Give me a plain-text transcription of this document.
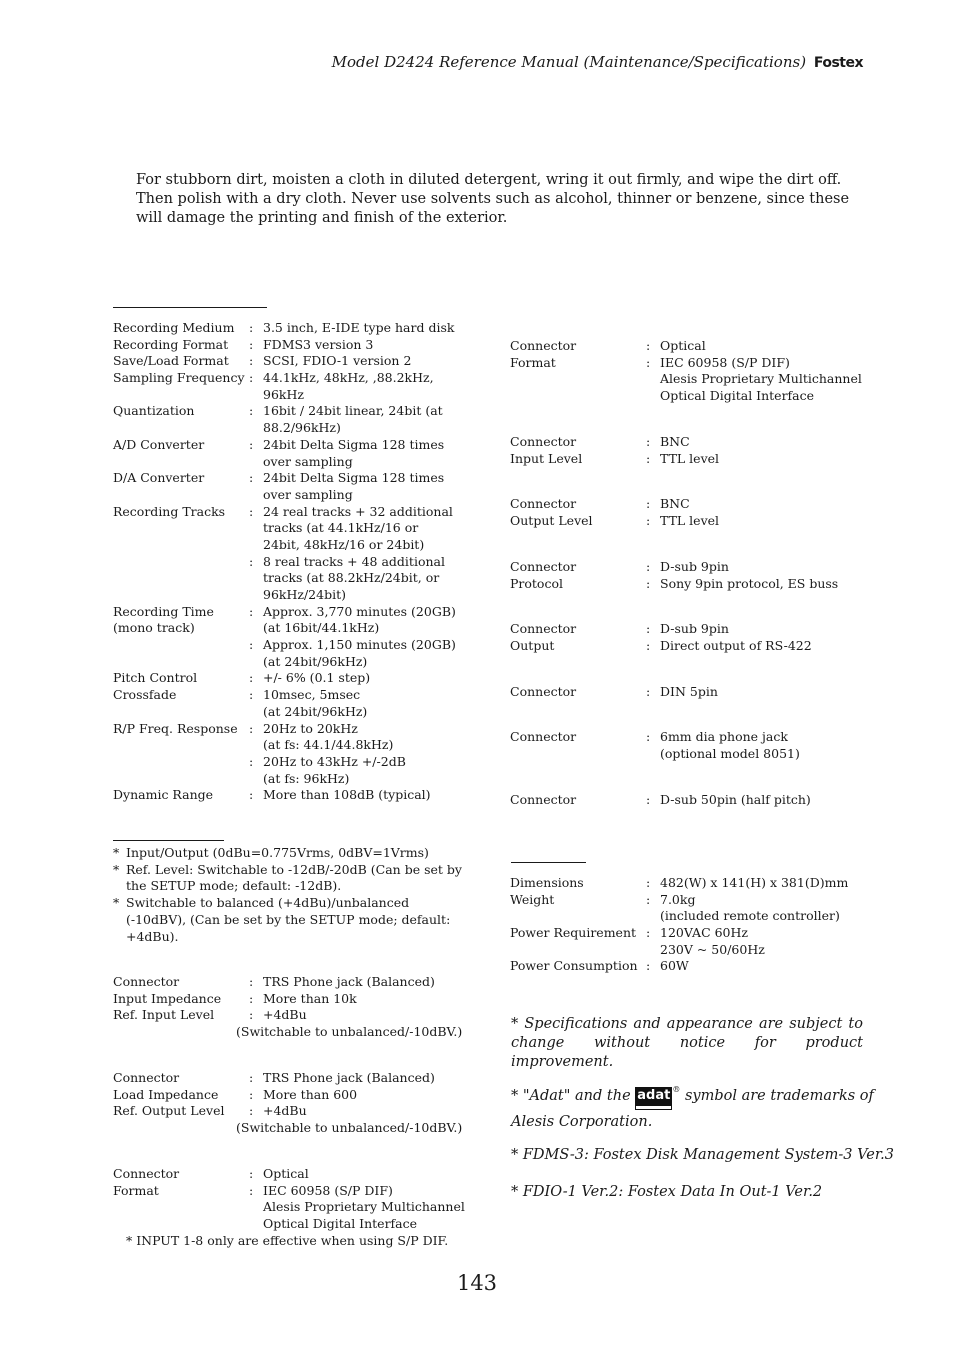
Model D2424 Reference Manual (Maintenance/Specifications) Fostex
For stubborn dirt, moisten a cloth in diluted detergent, wring it out firmly, and wipe the dirt off. Then polish with a dry cloth. Never use solvents such as alcohol, thinner or benzene, since these will damage the printing and finish of the exterior.
Recording Medium : 3.5 inch, E-IDE type hard disk
Recording Format : FDMS3 version 3
Save/Load Format : SCSI, FDIO-1 version 2
Sampling Frequency : 44.1kHz, 48kHz, ,88.2kHz,
96kHz
Quantization	: 16bit / 24bit linear, 24bit (at
88.2/96kHz)
A/D Converter	: 24bit Delta Sigma 128 times
over sampling
D/A Converter	: 24bit Delta Sigma 128 times
over sampling
Recording Tracks : 24 real tracks + 32 additional
tracks (at 44.1kHz/16 or
24bit, 48kHz/16 or 24bit)
: 8 real tracks + 48 additional
tracks (at 88.2kHz/24bit, or
96kHz/24bit)
Recording Time	: Approx. 3,770 minutes (20GB)
(mono track)	(at 16bit/44.1kHz)
: Approx. 1,150 minutes (20GB)
(at 24bit/96kHz)
Pitch Control	: +/- 6% (0.1 step)
Crossfade	: 10msec, 5msec
(at 24bit/96kHz)
R/P Freq. Response : 20Hz to 20kHz
(at fs: 44.1/44.8kHz)
: 20Hz to 43kHz +/-2dB
(at fs: 96kHz)
Dynamic Range	: More than 108dB (typical)
* Input/Output (0dBu=0.775Vrms, 0dBV=1Vrms)
* Ref. Level: Switchable to -12dB/-20dB (Can be set by the SETUP mode; default: -12dB).
* Switchable to balanced (+4dBu)/unbalanced (-10dBV), (Can be set by the SETUP mode; default: +4dBu).
Connector	: TRS Phone jack (Balanced)
Input Impedance : More than 10k
Ref. Input Level	: +4dBu
(Switchable to unbalanced/-10dBV.)
Connector	: TRS Phone jack (Balanced)
Load Impedance : More than 600
Ref. Output Level : +4dBu
(Switchable to unbalanced/-10dBV.)
Connector	: Optical
Format	: IEC 60958 (S/P DIF)
Alesis Proprietary Multichannel
Optical Digital Interface
* INPUT 1-8 only are effective when using S/P DIF.
Connector	: Optical
Format	: IEC 60958 (S/P DIF)
Alesis Proprietary Multichannel
Optical Digital Interface
Connector	: BNC
Input Level	: TTL level
Connector	: BNC
Output Level	: TTL level
Connector	: D-sub 9pin
Protocol	: Sony 9pin protocol, ES buss
Connector	: D-sub 9pin
Output	: Direct output of RS-422
Connector	: DIN 5pin
Connector	: 6mm dia phone jack
(optional model 8051)
Connector	: D-sub 50pin (half pitch)
Dimensions	: 482(W) x 141(H) x 381(D)mm
Weight	: 7.0kg
(included remote controller)
Power Requirement : 120VAC 60Hz
230V ~ 50/60Hz
Power Consumption : 60W
* Specifications and appearance are subject to change without notice for product improvement.
* "Adat" and the adat ® symbol are trademarks of
Alesis Corporation.
* FDMS-3: Fostex Disk Management System-3 Ver.3
* FDIO-1 Ver.2: Fostex Data In Out-1 Ver.2
143
